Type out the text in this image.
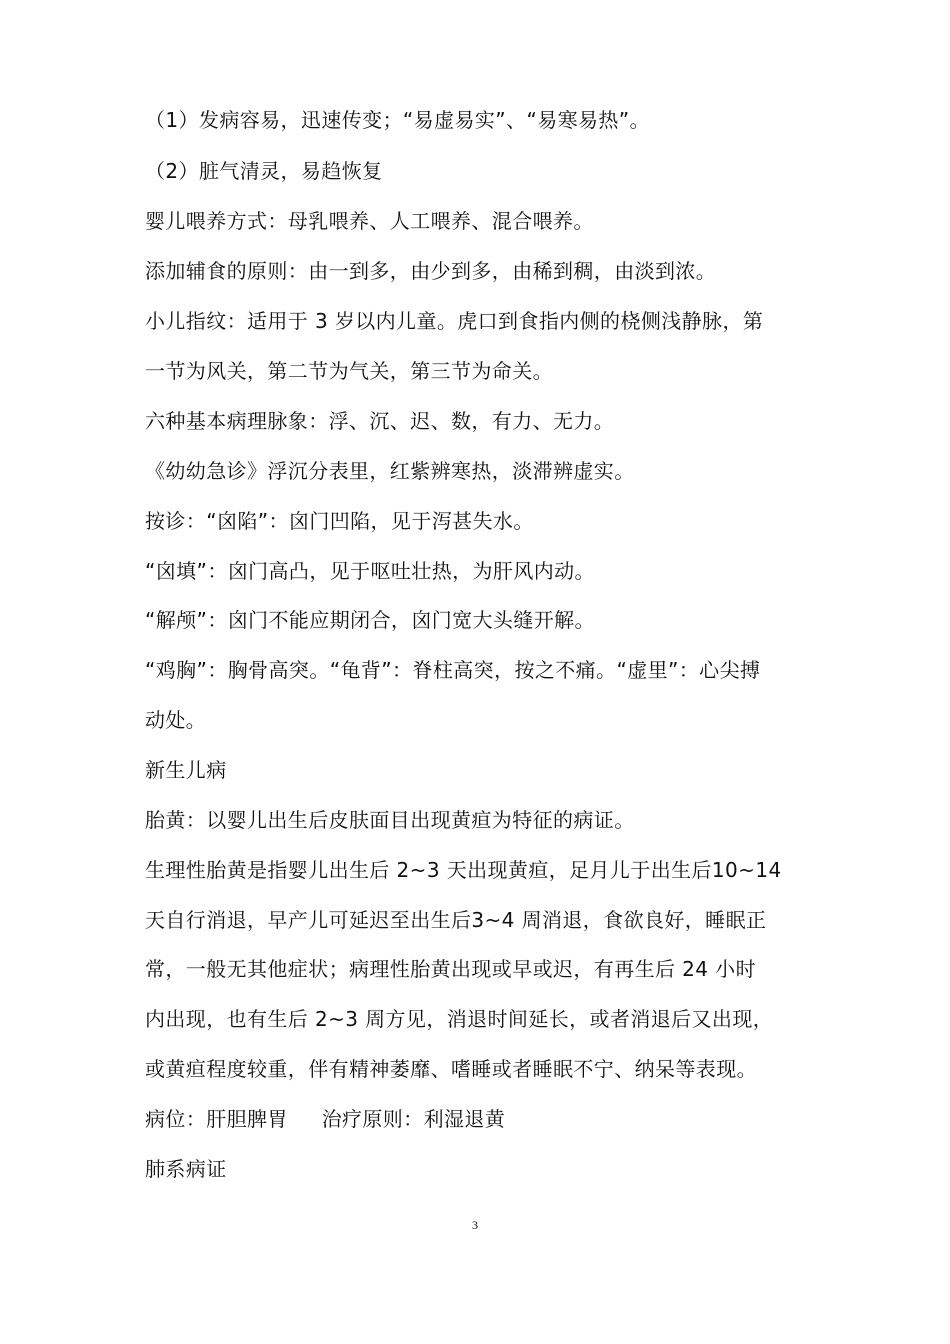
（1）发病容易，迅速传变；“易虚易实”、“易寒易热”。
（2）脏气清灵，易趋恢复
婴儿喂养方式：母乳喂养、人工喂养、混合喂养。
添加辅食的原则：由一到多，由少到多，由稀到稠，由淡到浓。
小儿指纹：适用于 3 岁以内儿童。虎口到食指内侧的桡侧浅静脉，第
一节为风关，第二节为气关，第三节为命关。
六种基本病理脉象：浮、沉、迟、数，有力、无力。
《幼幼急诊》浮沉分表里，红紫辨寒热，淡滞辨虚实。
按诊：“囟陷”：囟门凹陷，见于泻甚失水。
“囟填”：囟门高凸，见于呕吐壮热，为肝风内动。
“解颅”：囟门不能应期闭合，囟门宽大头缝开解。
“鸡胸”：胸骨高突。“龟背”：脊柱高突，按之不痛。“虚里”：心尖搏
动处。
新生儿病
胎黄：以婴儿出生后皮肤面目出现黄疸为特征的病证。
生理性胎黄是指婴儿出生后 2~3 天出现黄疸，足月儿于出生后10~14
天自行消退，早产儿可延迟至出生后3~4 周消退，食欲良好，睡眠正
常，一般无其他症状；病理性胎黄出现或早或迟，有再生后 24 小时
内出现，也有生后 2~3 周方见，消退时间延长，或者消退后又出现，
或黄疸程度较重，伴有精神萎靡、嗜睡或者睡眠不宁、纳呆等表现。
病位：肝胆脾胃     治疗原则：利湿退黄
肺系病证
3
